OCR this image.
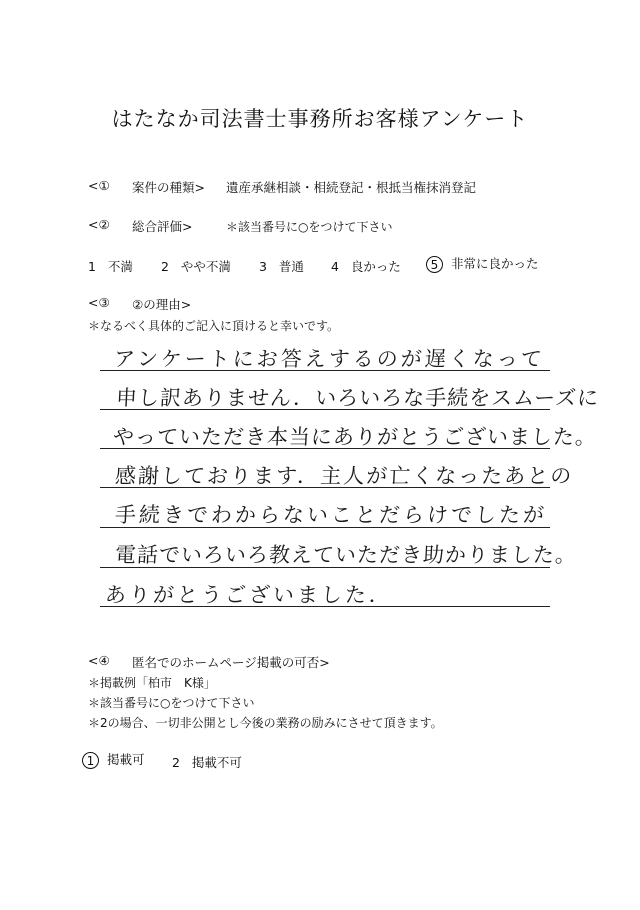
はたなか司法書士事務所お客様アンケート
<① 案件の種類> 遺産承継相談・相続登記・根抵当権抹消登記
<② 総合評価>	＊該当番号に○をつけて下さい
1 不満 2 やや不満 3 普通 4 良かった	5 非常に良かった
<③ ②の理由>
＊なるべく具体的ご記入に頂けると幸いです。
アンケートにお答えするのが遅くなって
申し訳ありません．いろいろな手続をスムーズに
やっていただき本当にありがとうございました。
感謝しております．主人が亡くなったあとの
手続きでわからないことだらけでしたが
電話でいろいろ教えていただき助かりました。
ありがとうございました．
<④ 匿名でのホームページ掲載の可否>
＊掲載例「柏市　K様」
＊該当番号に○をつけて下さい
＊2の場合、一切非公開とし今後の業務の励みにさせて頂きます。
1 掲載可 2 掲載不可
